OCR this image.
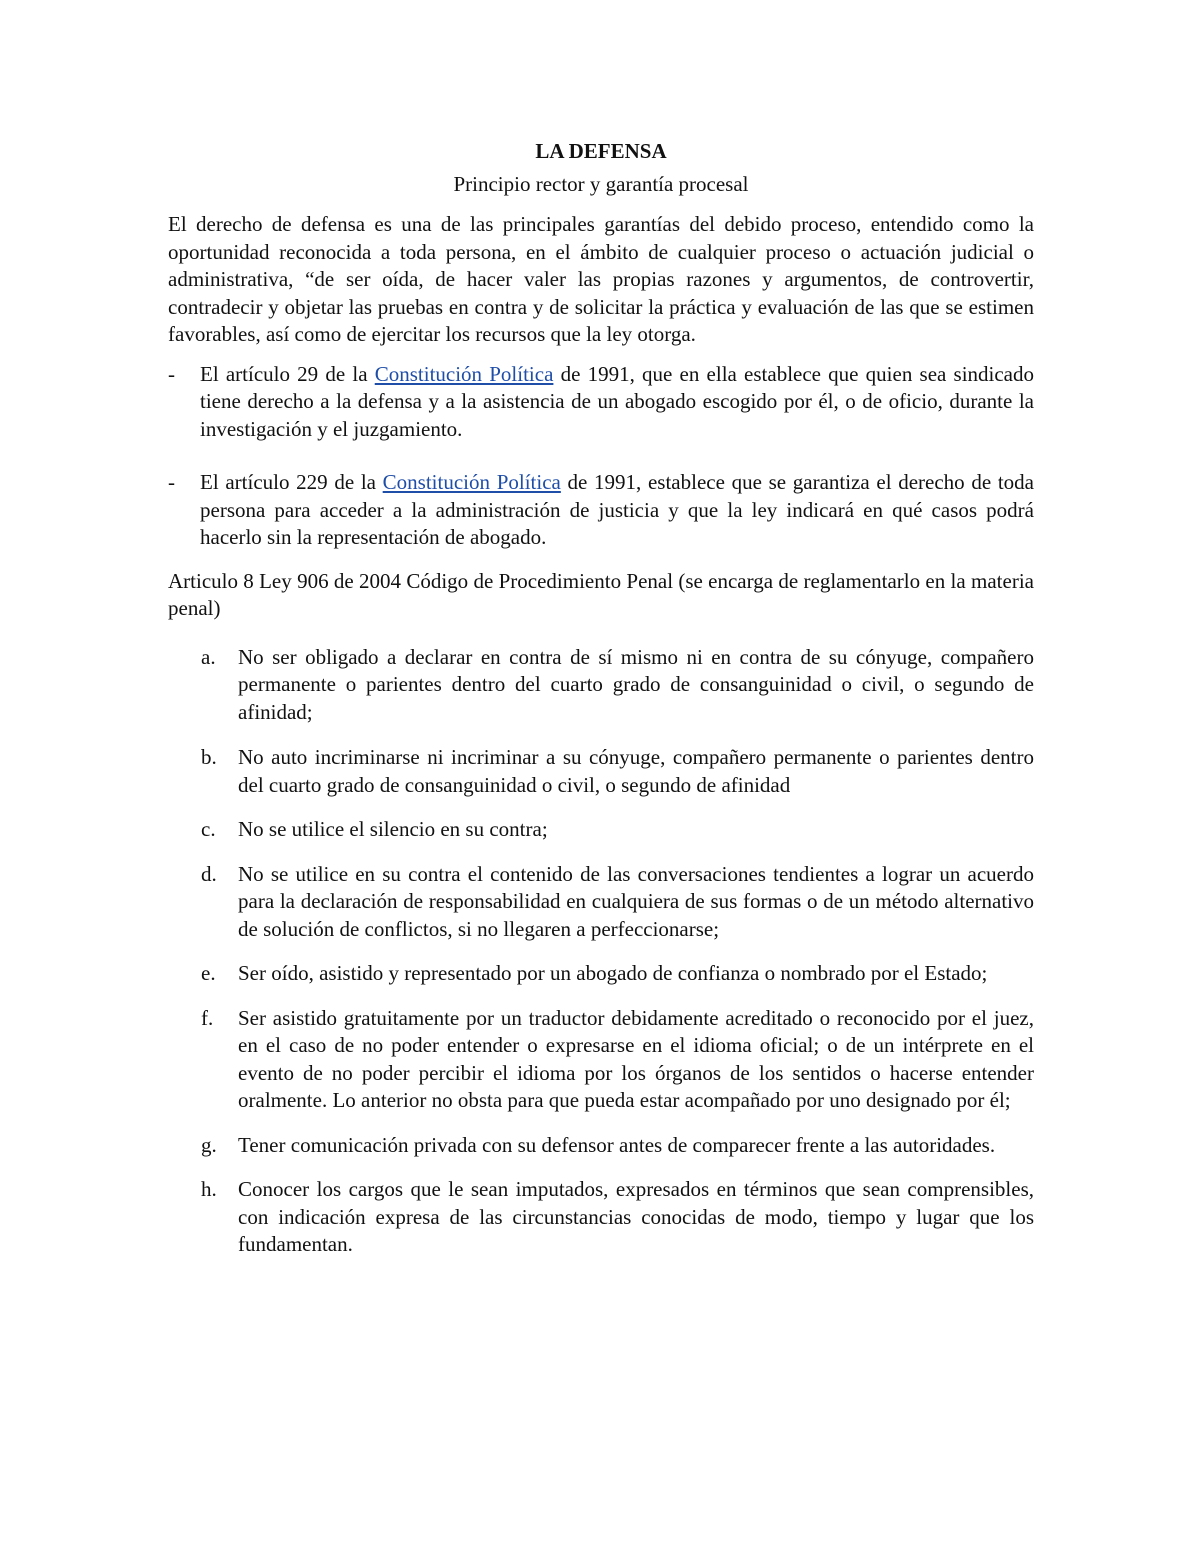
LA DEFENSA
Principio rector y garantía procesal

El derecho de defensa es una de las principales garantías del debido proceso, entendido como la oportunidad reconocida a toda persona, en el ámbito de cualquier proceso o actuación judicial o administrativa, “de ser oída, de hacer valer las propias razones y argumentos, de controvertir, contradecir y objetar las pruebas en contra y de solicitar la práctica y evaluación de las que se estimen favorables, así como de ejercitar los recursos que la ley otorga.

- El artículo 29 de la Constitución Política de 1991, que en ella establece que quien sea sindicado tiene derecho a la defensa y a la asistencia de un abogado escogido por él, o de oficio, durante la investigación y el juzgamiento.
- El artículo 229 de la Constitución Política de 1991, establece que se garantiza el derecho de toda persona para acceder a la administración de justicia y que la ley indicará en qué casos podrá hacerlo sin la representación de abogado.

Articulo 8 Ley 906 de 2004 Código de Procedimiento Penal (se encarga de reglamentarlo en la materia penal)

a. No ser obligado a declarar en contra de sí mismo ni en contra de su cónyuge, compañero permanente o parientes dentro del cuarto grado de consanguinidad o civil, o segundo de afinidad;
b. No auto incriminarse ni incriminar a su cónyuge, compañero permanente o parientes dentro del cuarto grado de consanguinidad o civil, o segundo de afinidad
c. No se utilice el silencio en su contra;
d. No se utilice en su contra el contenido de las conversaciones tendientes a lograr un acuerdo para la declaración de responsabilidad en cualquiera de sus formas o de un método alternativo de solución de conflictos, si no llegaren a perfeccionarse;
e. Ser oído, asistido y representado por un abogado de confianza o nombrado por el Estado;
f. Ser asistido gratuitamente por un traductor debidamente acreditado o reconocido por el juez, en el caso de no poder entender o expresarse en el idioma oficial; o de un intérprete en el evento de no poder percibir el idioma por los órganos de los sentidos o hacerse entender oralmente. Lo anterior no obsta para que pueda estar acompañado por uno designado por él;
g. Tener comunicación privada con su defensor antes de comparecer frente a las autoridades.
h. Conocer los cargos que le sean imputados, expresados en términos que sean comprensibles, con indicación expresa de las circunstancias conocidas de modo, tiempo y lugar que los fundamentan.
